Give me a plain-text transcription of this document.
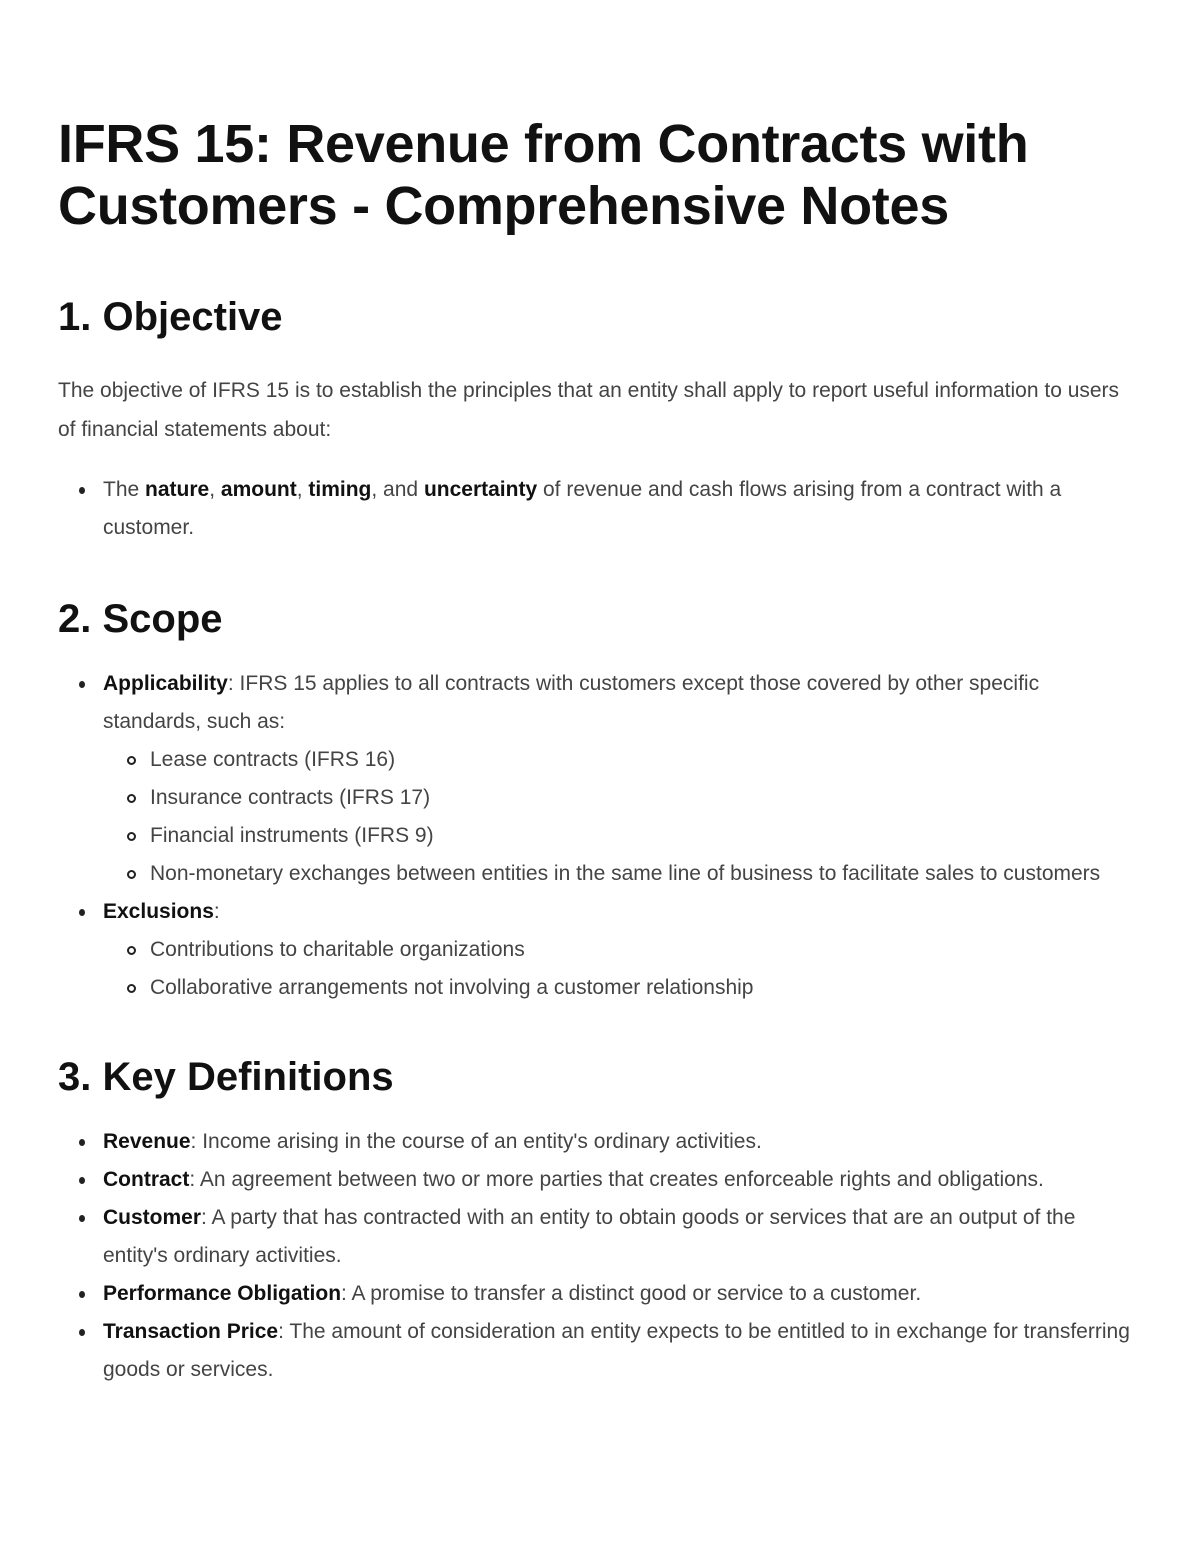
IFRS 15: Revenue from Contracts with Customers - Comprehensive Notes
1. Objective

The objective of IFRS 15 is to establish the principles that an entity shall apply to report useful information to users of financial statements about:

The nature, amount, timing, and uncertainty of revenue and cash flows arising from a contract with a customer.
2. Scope
Applicability: IFRS 15 applies to all contracts with customers except those covered by other specific standards, such as:
Lease contracts (IFRS 16)
Insurance contracts (IFRS 17)
Financial instruments (IFRS 9)
Non-monetary exchanges between entities in the same line of business to facilitate sales to customers
Exclusions:
Contributions to charitable organizations
Collaborative arrangements not involving a customer relationship
3. Key Definitions
Revenue: Income arising in the course of an entity's ordinary activities.
Contract: An agreement between two or more parties that creates enforceable rights and obligations.
Customer: A party that has contracted with an entity to obtain goods or services that are an output of the entity's ordinary activities.
Performance Obligation: A promise to transfer a distinct good or service to a customer.
Transaction Price: The amount of consideration an entity expects to be entitled to in exchange for transferring goods or services.
